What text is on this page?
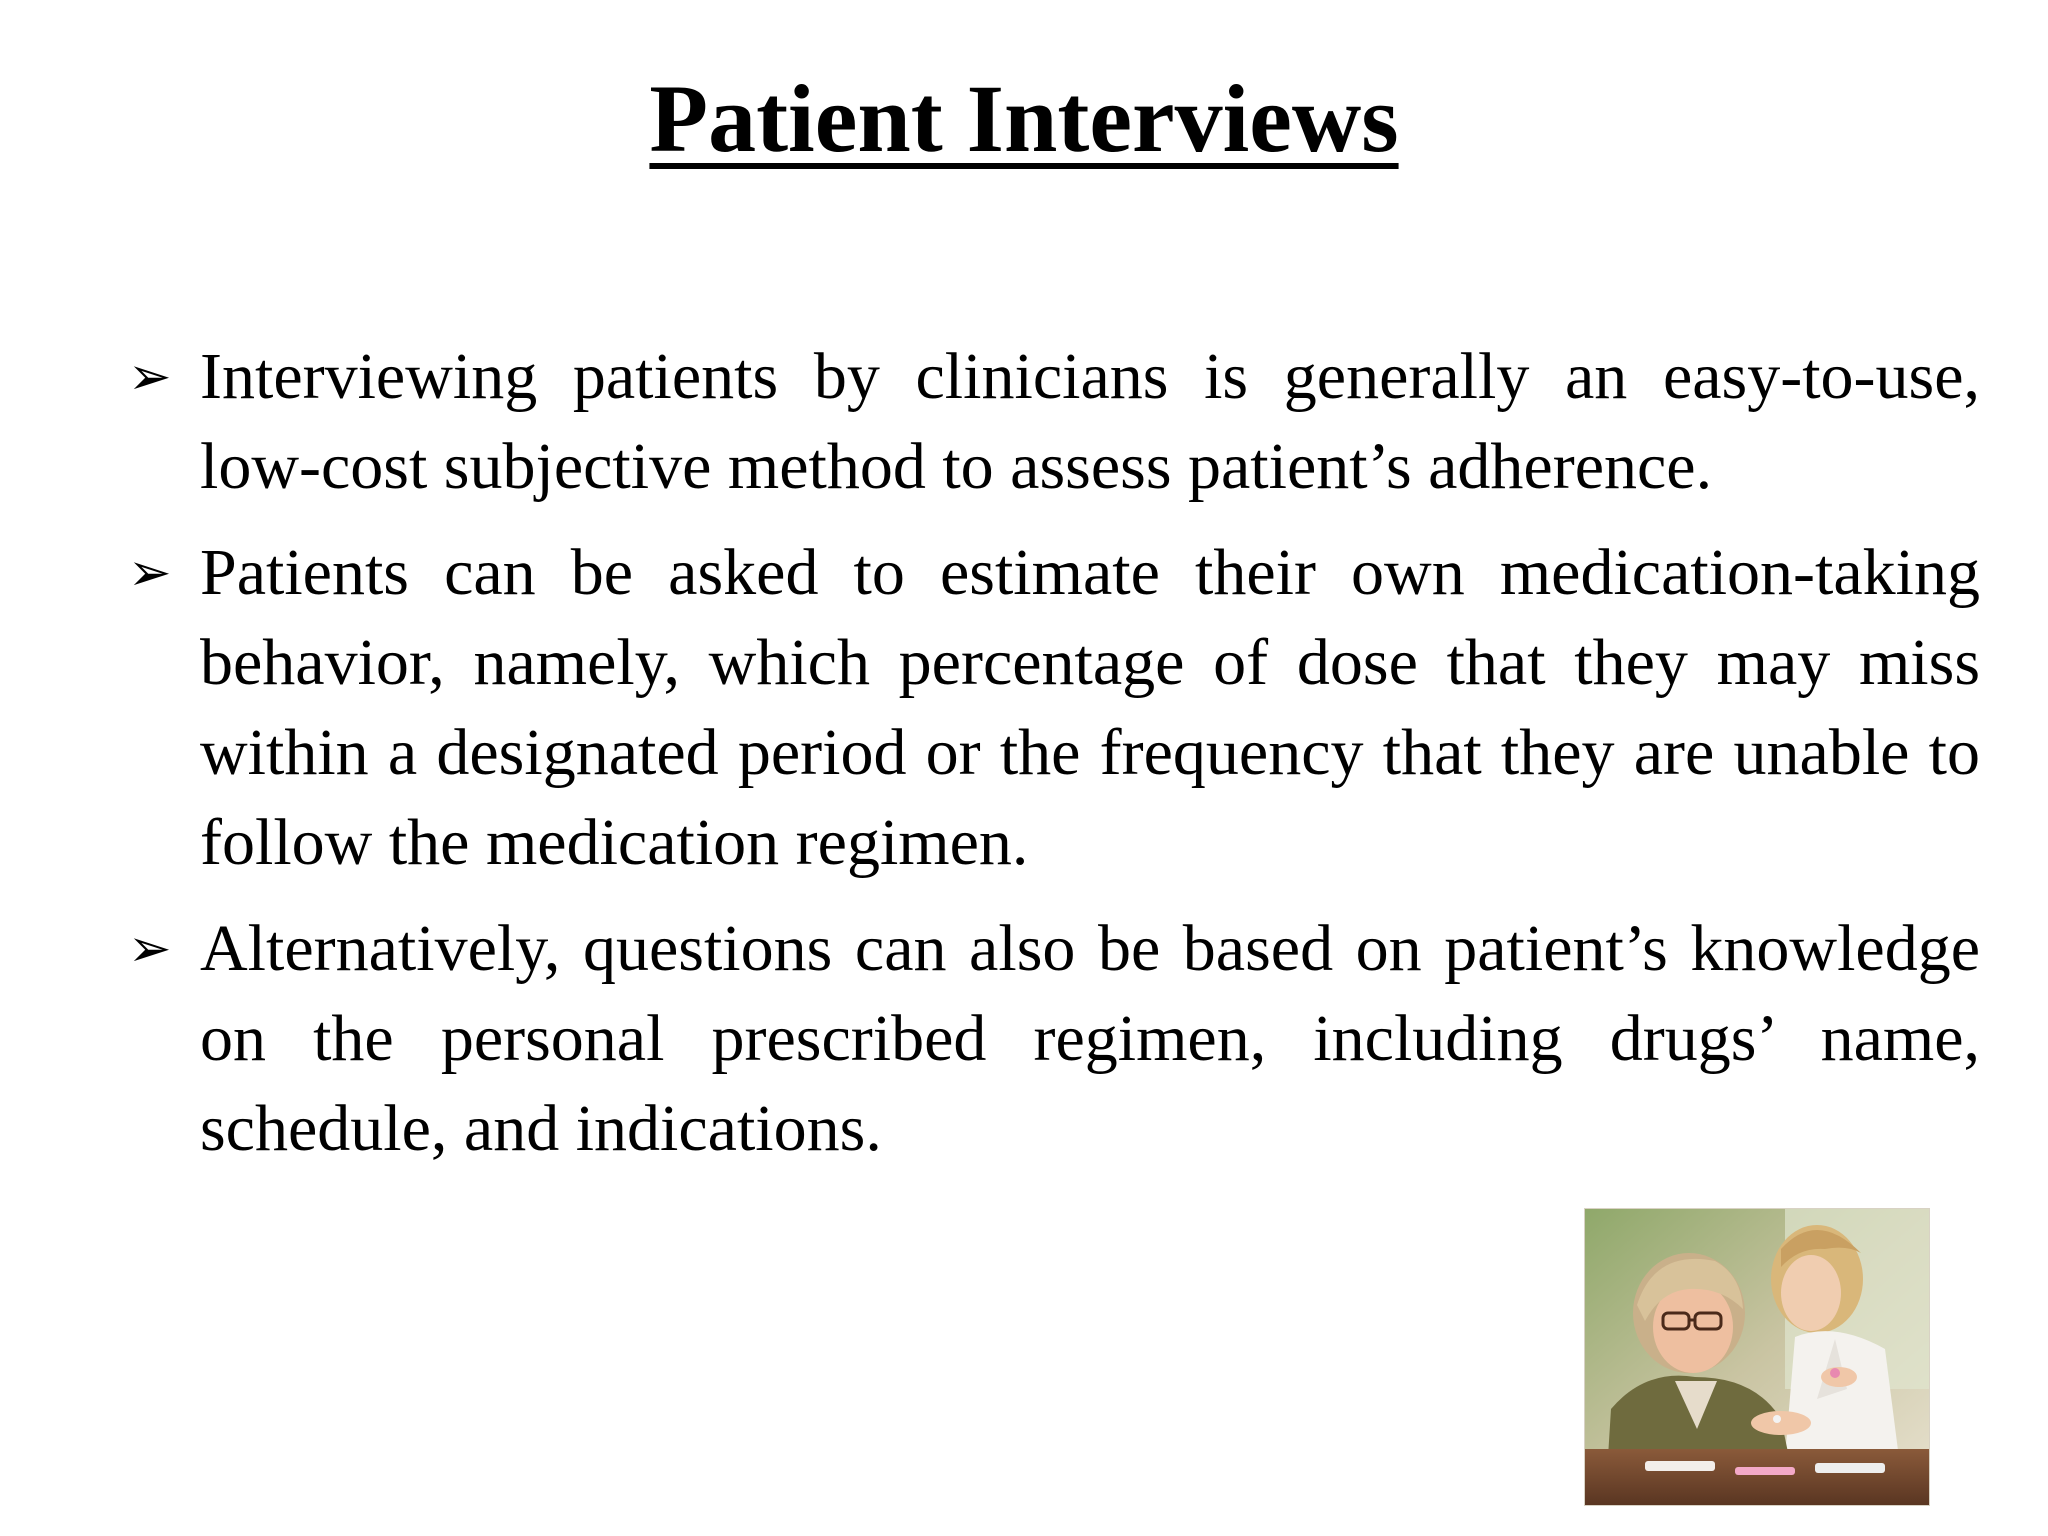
Patient Interviews
➢ Interviewing patients by clinicians is generally an easy-to-use, low-cost subjective method to assess patient’s adherence.
➢ Patients can be asked to estimate their own medication-taking behavior, namely, which percentage of dose that they may miss within a designated period or the frequency that they are unable to follow the medication regimen.
➢ Alternatively, questions can also be based on patient’s knowledge on the personal prescribed regimen, including drugs’ name, schedule, and indications.
